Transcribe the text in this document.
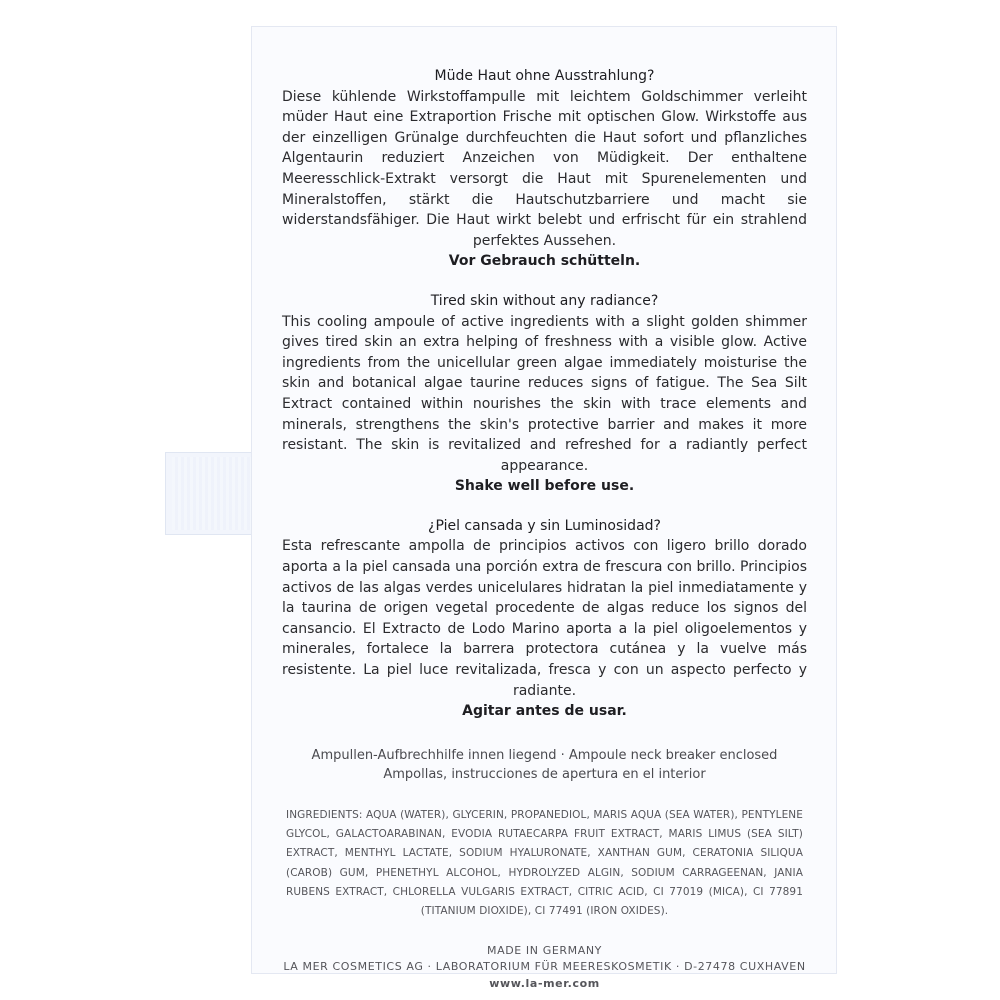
Müde Haut ohne Ausstrahlung?

Diese kühlende Wirkstoffampulle mit leichtem Goldschimmer verleiht müder Haut eine Extraportion Frische mit optischen Glow. Wirkstoffe aus der einzelligen Grünalge durchfeuchten die Haut sofort und pflanzliches Algentaurin reduziert Anzeichen von Müdigkeit. Der enthaltene Meeresschlick-Extrakt versorgt die Haut mit Spurenelementen und Mineralstoffen, stärkt die Hautschutzbarriere und macht sie widerstandsfähiger. Die Haut wirkt belebt und erfrischt für ein strahlend perfektes Aussehen.

Vor Gebrauch schütteln.
Tired skin without any radiance?

This cooling ampoule of active ingredients with a slight golden shimmer gives tired skin an extra helping of freshness with a visible glow. Active ingredients from the unicellular green algae immediately moisturise the skin and botanical algae taurine reduces signs of fatigue. The Sea Silt Extract contained within nourishes the skin with trace elements and minerals, strengthens the skin's protective barrier and makes it more resistant. The skin is revitalized and refreshed for a radiantly perfect appearance.

Shake well before use.
¿Piel cansada y sin Luminosidad?

Esta refrescante ampolla de principios activos con ligero brillo dorado aporta a la piel cansada una porción extra de frescura con brillo. Principios activos de las algas verdes unicelulares hidratan la piel inmediatamente y la taurina de origen vegetal procedente de algas reduce los signos del cansancio. El Extracto de Lodo Marino aporta a la piel oligoelementos y minerales, fortalece la barrera protectora cutánea y la vuelve más resistente. La piel luce revitalizada, fresca y con un aspecto perfecto y radiante.

Agitar antes de usar.
Ampullen-Aufbrechhilfe innen liegend · Ampoule neck breaker enclosed
Ampollas, instrucciones de apertura en el interior
INGREDIENTS: AQUA (WATER), GLYCERIN, PROPANEDIOL, MARIS AQUA (SEA WATER), PENTYLENE GLYCOL, GALACTOARABINAN, EVODIA RUTAECARPA FRUIT EXTRACT, MARIS LIMUS (SEA SILT) EXTRACT, MENTHYL LACTATE, SODIUM HYALURONATE, XANTHAN GUM, CERATONIA SILIQUA (CAROB) GUM, PHENETHYL ALCOHOL, HYDROLYZED ALGIN, SODIUM CARRAGEENAN, JANIA RUBENS EXTRACT, CHLORELLA VULGARIS EXTRACT, CITRIC ACID, CI 77019 (MICA), CI 77891 (TITANIUM DIOXIDE), CI 77491 (IRON OXIDES).
MADE IN GERMANY
LA MER COSMETICS AG · LABORATORIUM FÜR MEERESKOSMETIK · D-27478 CUXHAVEN
www.la-mer.com
